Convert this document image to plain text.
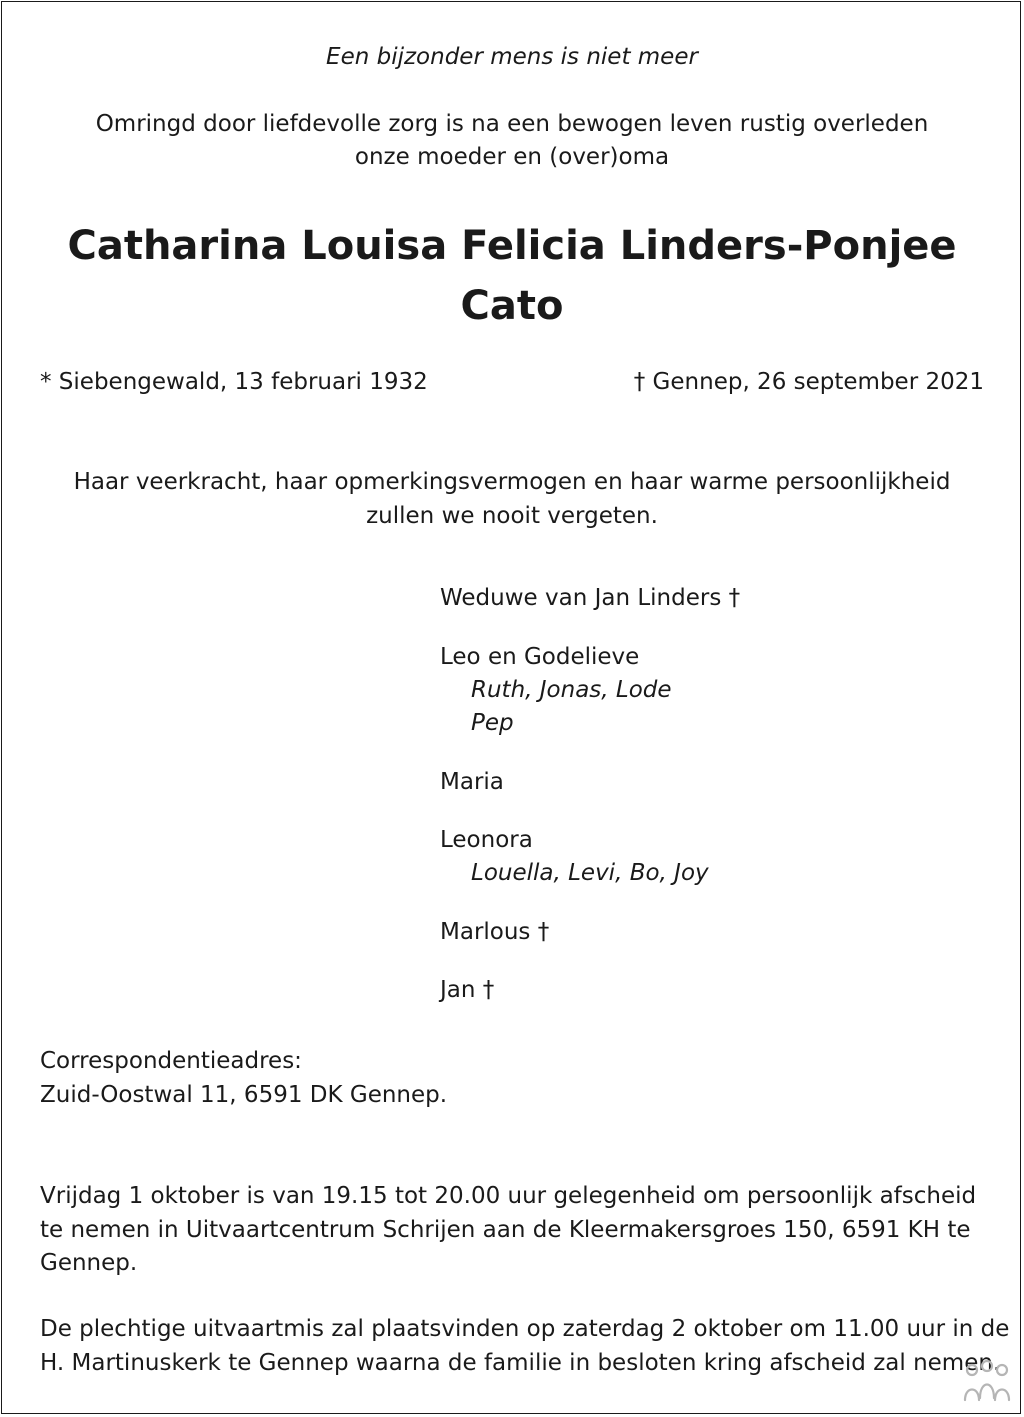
Een bijzonder mens is niet meer
Omringd door liefdevolle zorg is na een bewogen leven rustig overleden
onze moeder en (over)oma
Catharina Louisa Felicia Linders-Ponjee
Cato
* Siebengewald, 13 februari 1932	† Gennep, 26 september 2021
Haar veerkracht, haar opmerkingsvermogen en haar warme persoonlijkheid
zullen we nooit vergeten.
Weduwe van Jan Linders †
Leo en Godelieve
Ruth, Jonas, Lode
Pep
Maria
Leonora
Louella, Levi, Bo, Joy
Marlous †
Jan †
Correspondentieadres:
Zuid-Oostwal 11, 6591 DK Gennep.
Vrijdag 1 oktober is van 19.15 tot 20.00 uur gelegenheid om persoonlijk afscheid
te nemen in Uitvaartcentrum Schrijen aan de Kleermakersgroes 150, 6591 KH te
Gennep.
De plechtige uitvaartmis zal plaatsvinden op zaterdag 2 oktober om 11.00 uur in de
H. Martinuskerk te Gennep waarna de familie in besloten kring afscheid zal nemen.
